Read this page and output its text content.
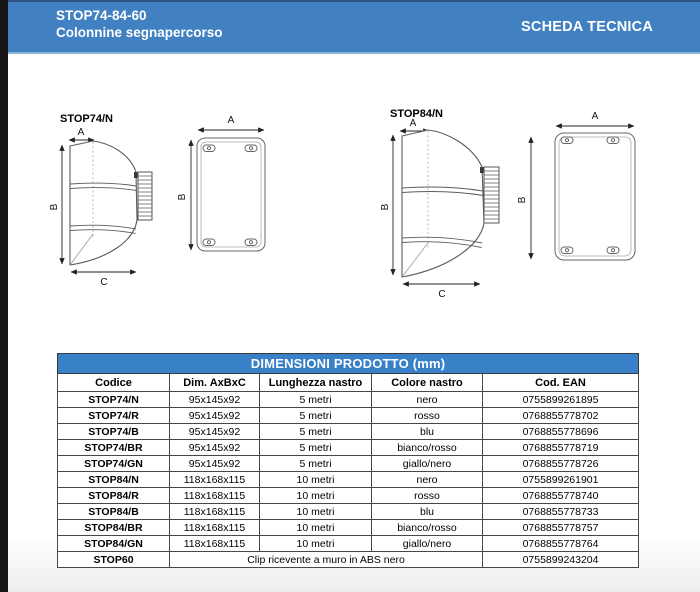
STOP74-84-60
Colonnine segnapercorso	SCHEDA TECNICA
STOP74/N
A
B
C
A
B
STOP84/N
A
B
C
A
B
DIMENSIONI PRODOTTO (mm)				
Codice	Dim. AxBxC	Lunghezza nastro	Colore nastro	Cod. EAN
STOP74/N	95x145x92	5 metri	nero	0755899261895
STOP74/R	95x145x92	5 metri	rosso	0768855778702
STOP74/B	95x145x92	5 metri	blu	0768855778696
STOP74/BR	95x145x92	5 metri	bianco/rosso	0768855778719
STOP74/GN	95x145x92	5 metri	giallo/nero	0768855778726
STOP84/N	118x168x115	10 metri	nero	0755899261901
STOP84/R	118x168x115	10 metri	rosso	0768855778740
STOP84/B	118x168x115	10 metri	blu	0768855778733
STOP84/BR	118x168x115	10 metri	bianco/rosso	0768855778757
STOP84/GN	118x168x115	10 metri	giallo/nero	0768855778764
STOP60	Clip ricevente a muro in ABS nero			0755899243204
